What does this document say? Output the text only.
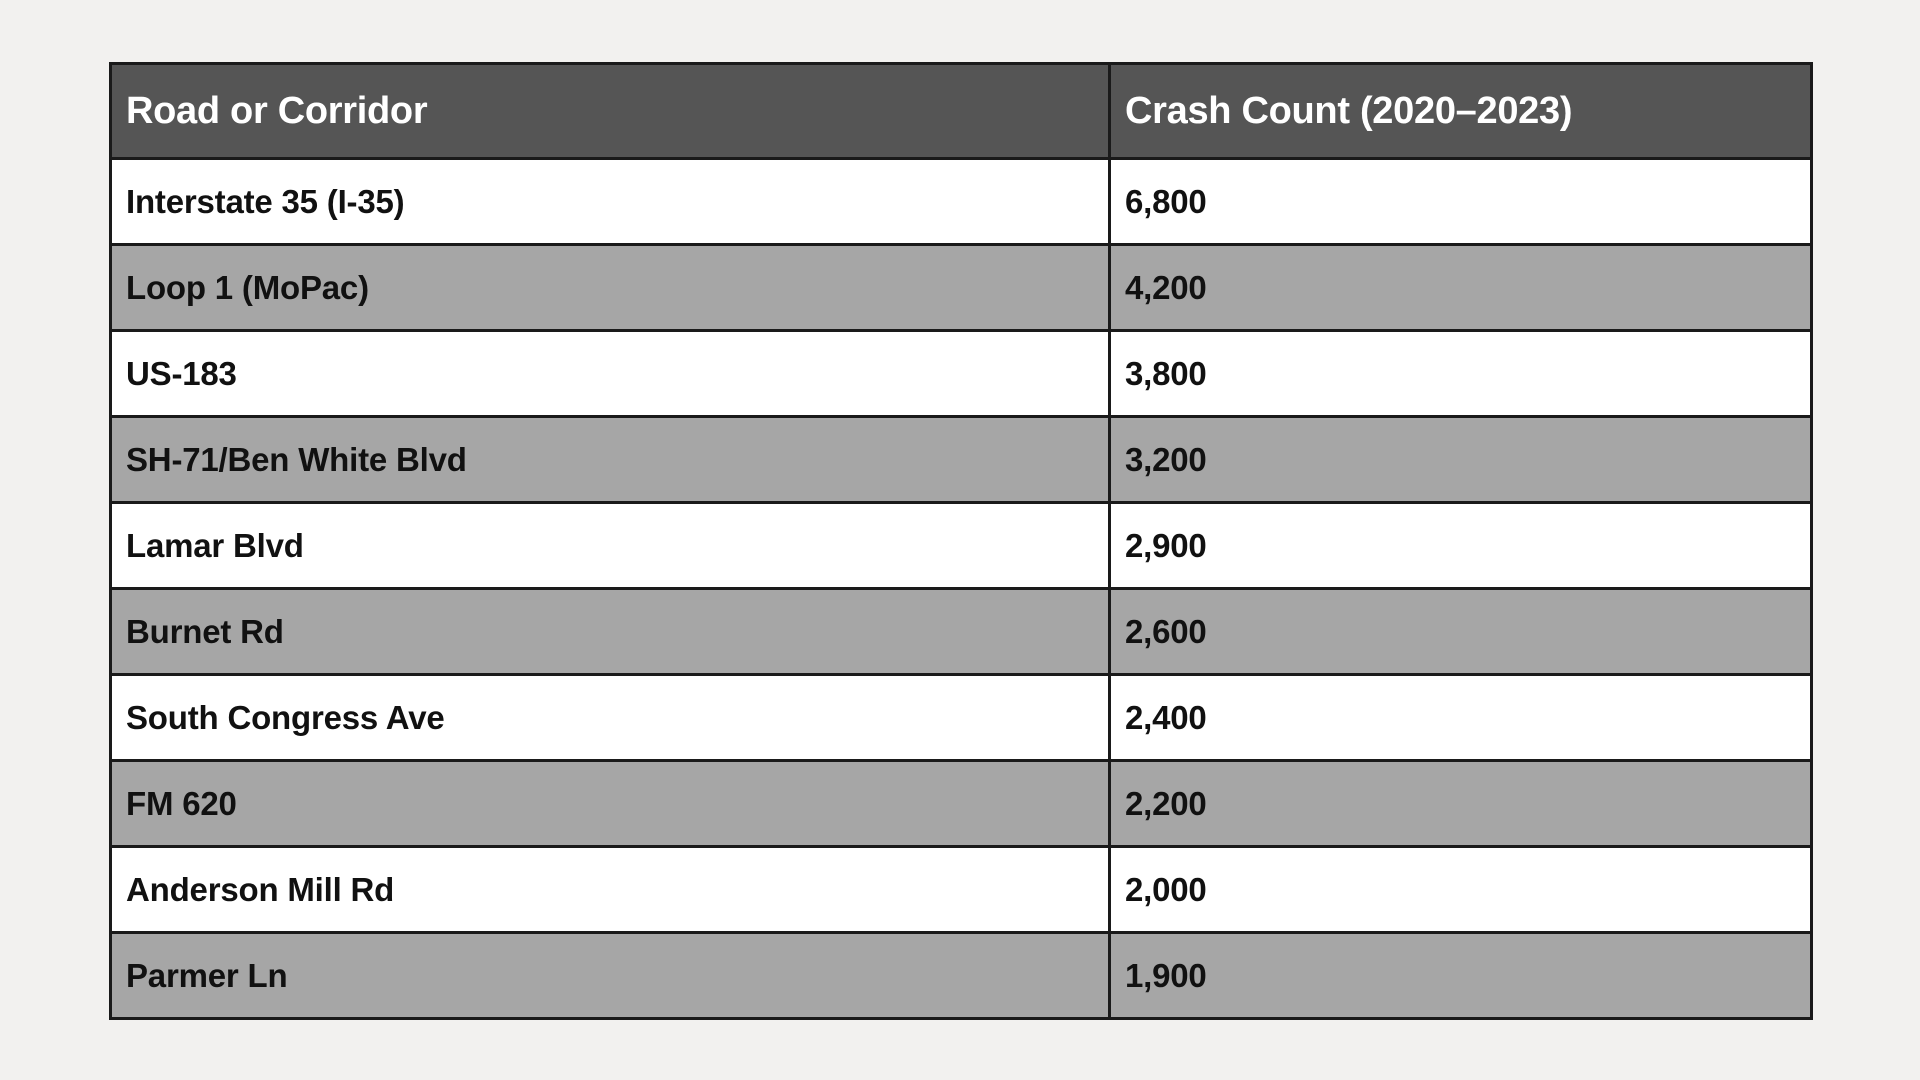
Road or Corridor	Crash Count (2020–2023)
Interstate 35 (I-35)	6,800
Loop 1 (MoPac)	4,200
US-183	3,800
SH-71/Ben White Blvd	3,200
Lamar Blvd	2,900
Burnet Rd	2,600
South Congress Ave	2,400
FM 620	2,200
Anderson Mill Rd	2,000
Parmer Ln	1,900
